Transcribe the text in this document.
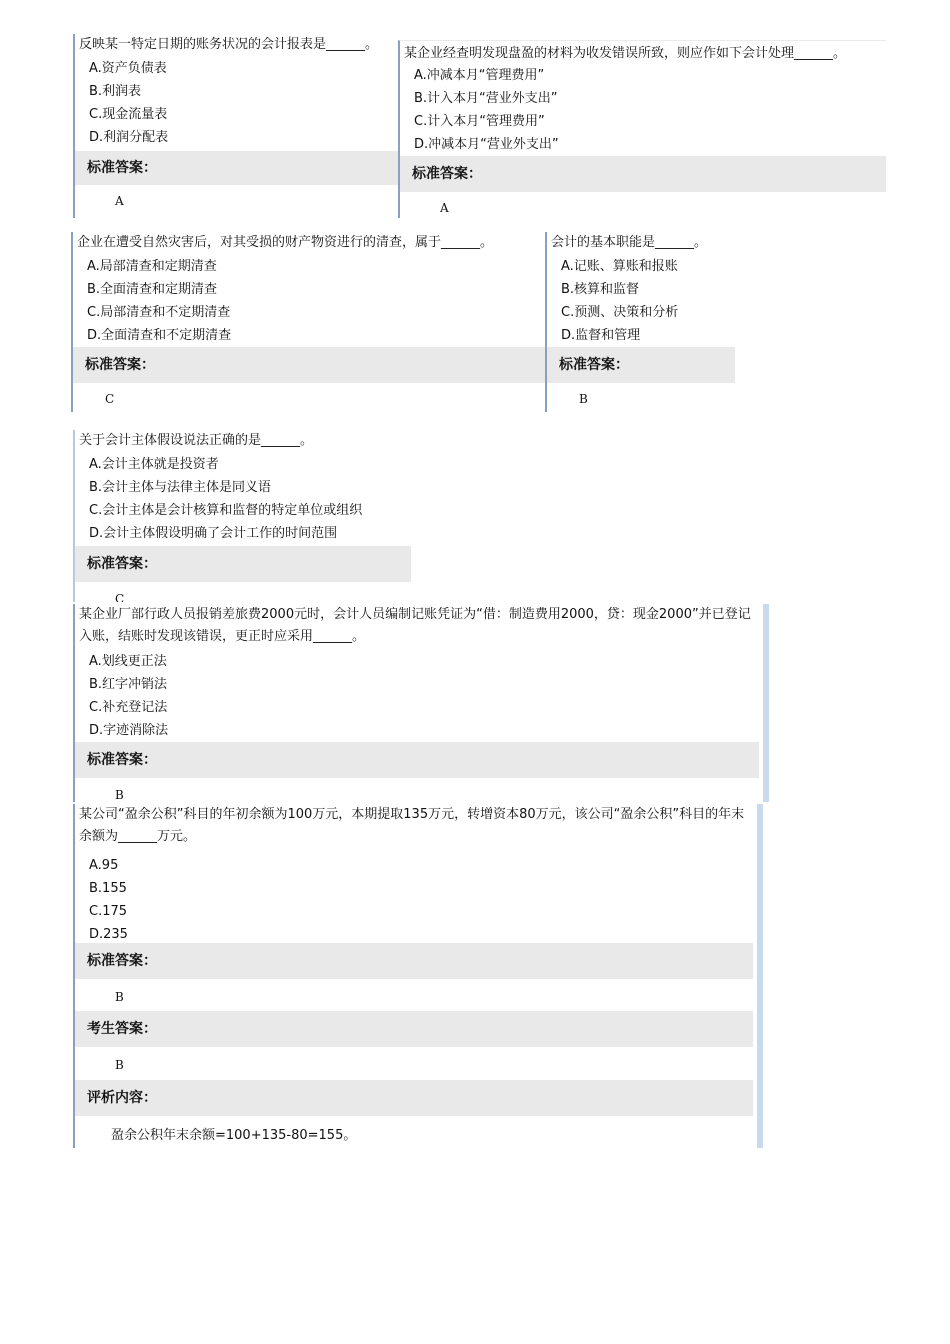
反映某一特定日期的账务状况的会计报表是______。
A.资产负债表
B.利润表
C.现金流量表
D.利润分配表
标准答案：
A
某企业经查明发现盘盈的材料为收发错误所致，则应作如下会计处理______。
A.冲减本月“管理费用”
B.计入本月“营业外支出”
C.计入本月“管理费用”
D.冲减本月“营业外支出”
标准答案：
A
企业在遭受自然灾害后，对其受损的财产物资进行的清查，属于______。
A.局部清查和定期清查
B.全面清查和定期清查
C.局部清查和不定期清查
D.全面清查和不定期清查
标准答案：
C
会计的基本职能是______。
A.记账、算账和报账
B.核算和监督
C.预测、决策和分析
D.监督和管理
标准答案：
B
关于会计主体假设说法正确的是______。
A.会计主体就是投资者
B.会计主体与法律主体是同义语
C.会计主体是会计核算和监督的特定单位或组织
D.会计主体假设明确了会计工作的时间范围
标准答案：
C
某企业厂部行政人员报销差旅费2000元时，会计人员编制记账凭证为“借：制造费用2000，贷：现金2000”并已登记入账，结账时发现该错误，更正时应采用______。
A.划线更正法
B.红字冲销法
C.补充登记法
D.字迹消除法
标准答案：
B
某公司“盈余公积”科目的年初余额为100万元，本期提取135万元，转增资本80万元，该公司“盈余公积”科目的年末余额为______万元。
A.95
B.155
C.175
D.235
标准答案：
B
考生答案：
B
评析内容：
盈余公积年末余额=100+135-80=155。
